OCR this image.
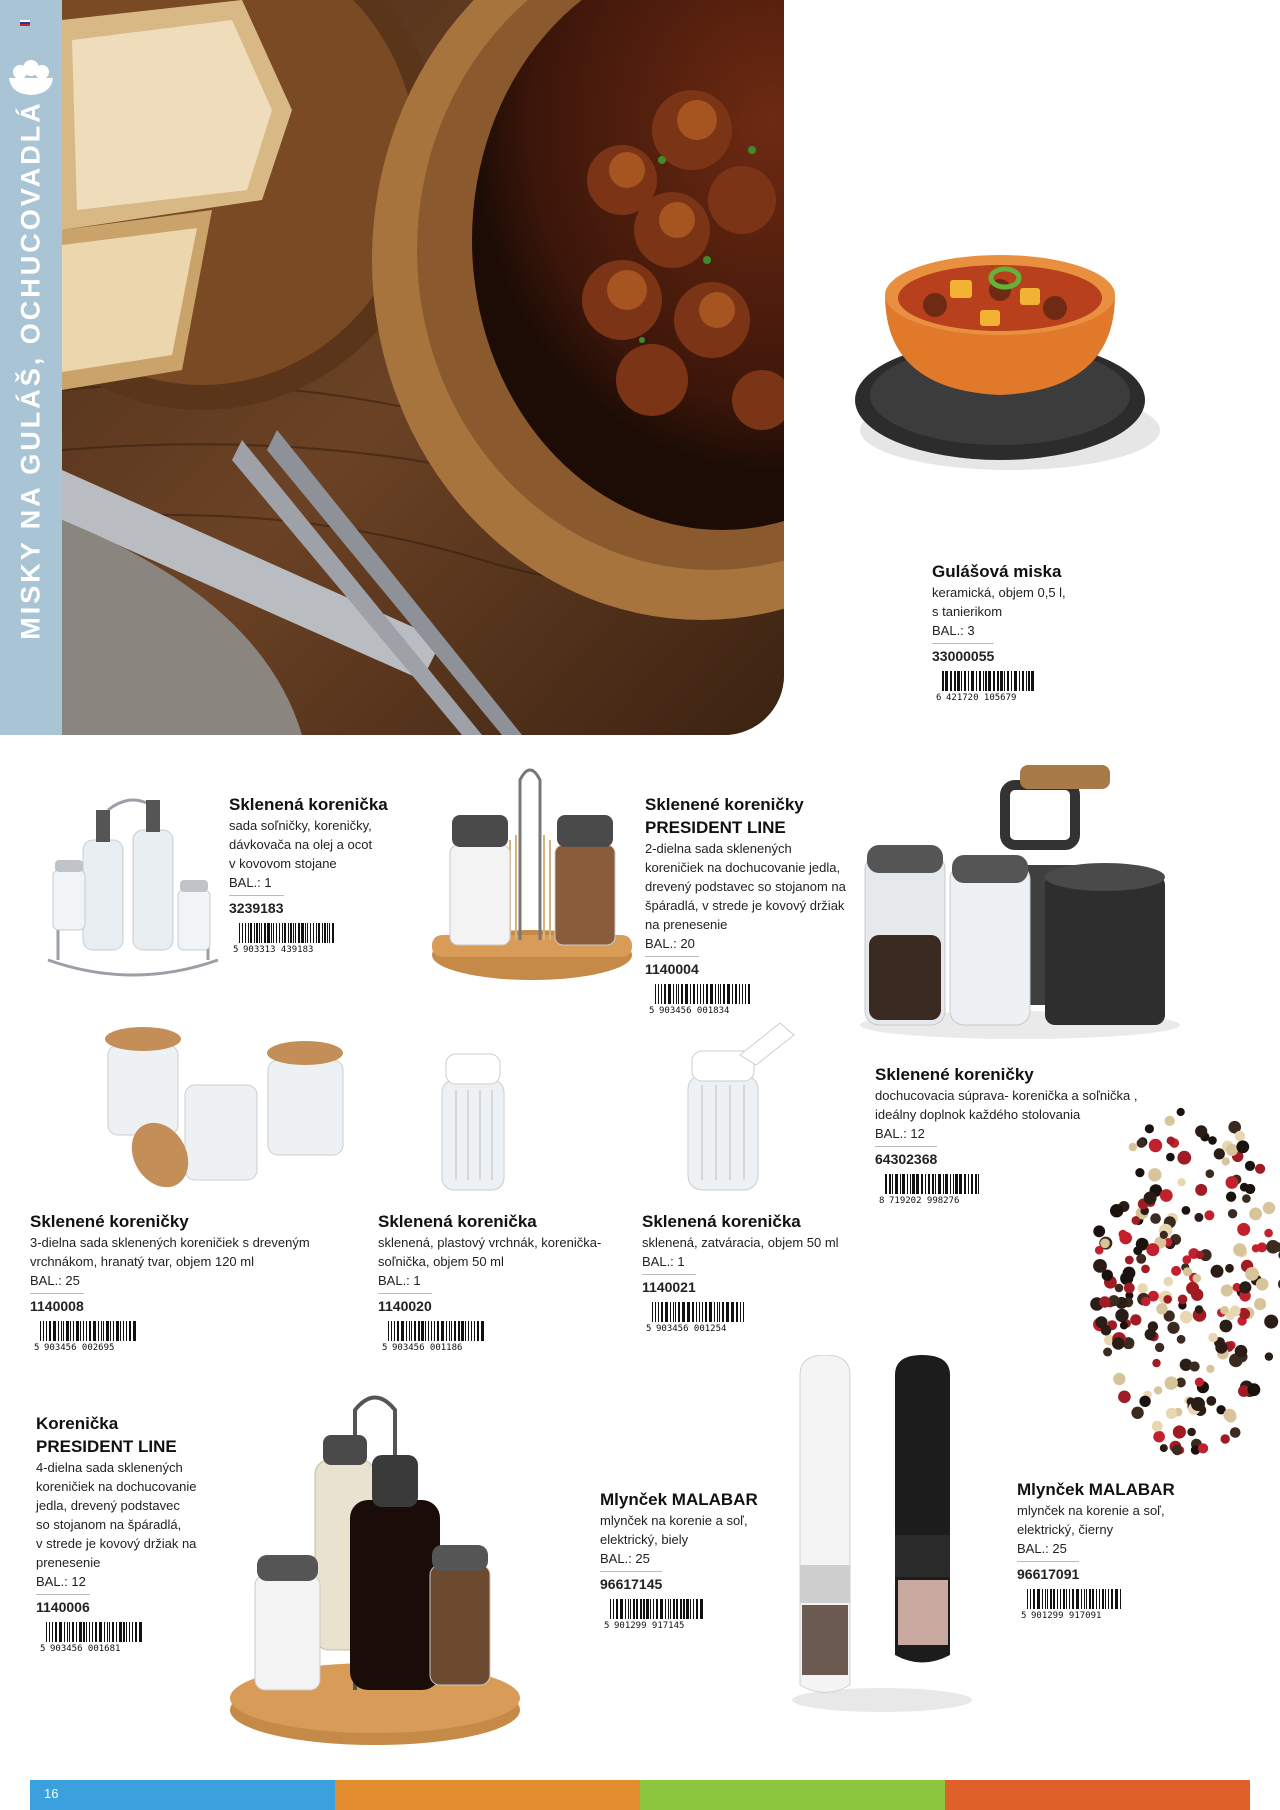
MISKY NA GULÁŠ, OCHUCOVADLÁ	Gulášová miska
keramická, objem 0,5 l,
s tanierikom
BAL.: 3
33000055
6 421720 105679
Sklenená korenička
sada soľničky, koreničky,
dávkovača na olej a ocot
v kovovom stojane
BAL.: 1
3239183
5 903313 439183
Sklenené koreničky
PRESIDENT LINE
2-dielna sada sklenených
koreničiek na dochucovanie jedla,
drevený podstavec so stojanom na
špáradlá, v strede je kovový držiak
na prenesenie
BAL.: 20
1140004
5 903456 001834
Sklenené koreničky
dochucovacia súprava- korenička a soľnička ,
ideálny doplnok každého stolovania
BAL.: 12
64302368
8 719202 998276
Sklenené koreničky
3-dielna sada sklenených koreničiek s dreveným
vrchnákom, hranatý tvar, objem 120 ml
BAL.: 25
1140008
5 903456 002695
Sklenená korenička
sklenená, plastový vrchnák, korenička-
soľnička, objem 50 ml
BAL.: 1
1140020
5 903456 001186
Sklenená korenička
sklenená, zatváracia, objem 50 ml
BAL.: 1
1140021
5 903456 001254
Korenička
PRESIDENT LINE
4-dielna sada sklenených
koreničiek na dochucovanie
jedla, drevený podstavec
so stojanom na špáradlá,
v strede je kovový držiak na
prenesenie
BAL.: 12
1140006
5 903456 001681
Mlynček MALABAR
mlynček na korenie a soľ,
elektrický, biely
BAL.: 25
96617145
5 901299 917145
Mlynček MALABAR
mlynček na korenie a soľ,
elektrický, čierny
BAL.: 25
96617091
5 901299 917091
16
